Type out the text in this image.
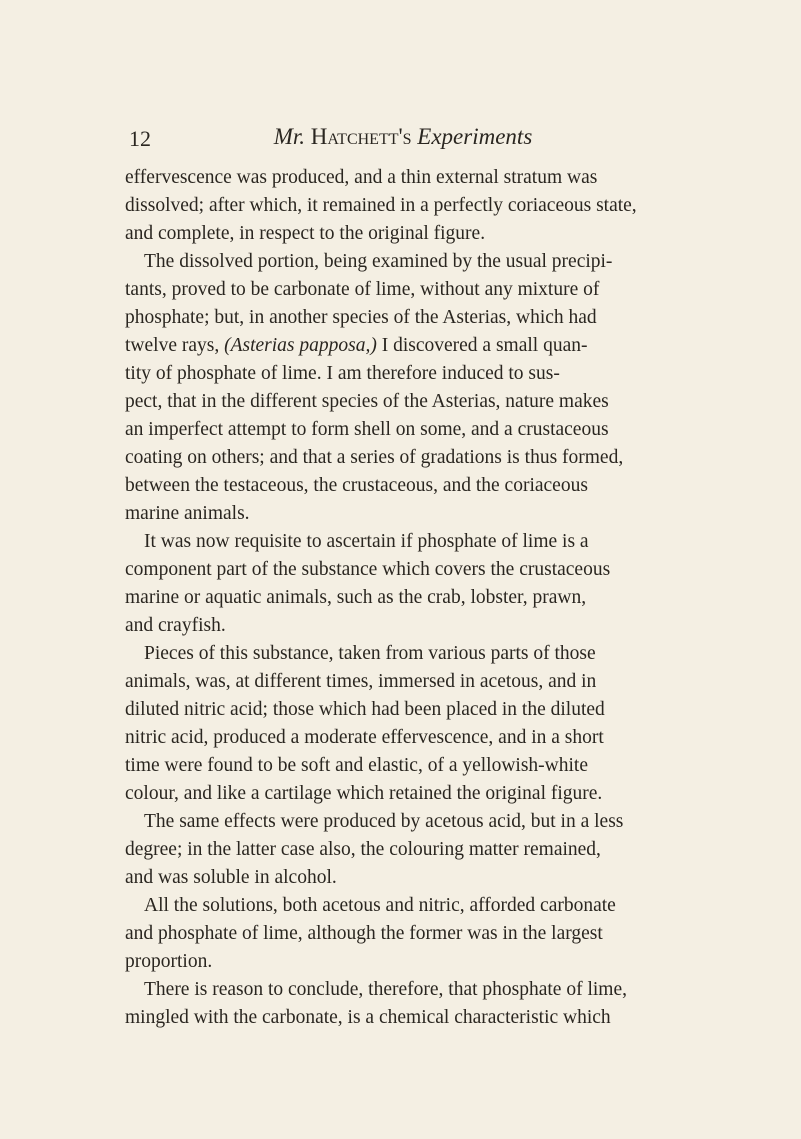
12	Mr. Hatchett's Experiments
effervescence was produced, and a thin external stratum was
dissolved; after which, it remained in a perfectly coriaceous state,
and complete, in respect to the original figure.
The dissolved portion, being examined by the usual precipi-
tants, proved to be carbonate of lime, without any mixture of
phosphate; but, in another species of the Asterias, which had
twelve rays, (Asterias papposa,) I discovered a small quan-
tity of phosphate of lime. I am therefore induced to sus-
pect, that in the different species of the Asterias, nature makes
an imperfect attempt to form shell on some, and a crustaceous
coating on others; and that a series of gradations is thus formed,
between the testaceous, the crustaceous, and the coriaceous
marine animals.
It was now requisite to ascertain if phosphate of lime is a
component part of the substance which covers the crustaceous
marine or aquatic animals, such as the crab, lobster, prawn,
and crayfish.
Pieces of this substance, taken from various parts of those
animals, was, at different times, immersed in acetous, and in
diluted nitric acid; those which had been placed in the diluted
nitric acid, produced a moderate effervescence, and in a short
time were found to be soft and elastic, of a yellowish-white
colour, and like a cartilage which retained the original figure.
The same effects were produced by acetous acid, but in a less
degree; in the latter case also, the colouring matter remained,
and was soluble in alcohol.
All the solutions, both acetous and nitric, afforded carbonate
and phosphate of lime, although the former was in the largest
proportion.
There is reason to conclude, therefore, that phosphate of lime,
mingled with the carbonate, is a chemical characteristic which
